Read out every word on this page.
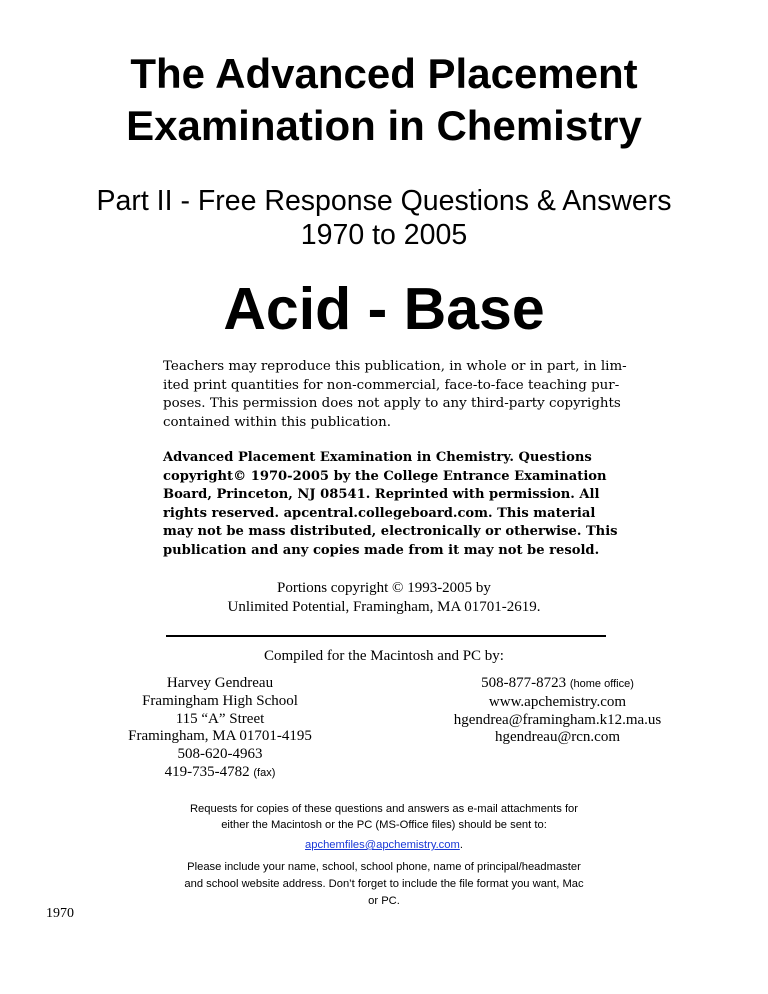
The Advanced Placement
Examination in Chemistry
Part II - Free Response Questions & Answers
1970 to 2005
Acid - Base
Teachers may reproduce this publication, in whole or in part, in lim-
ited print quantities for non-commercial, face-to-face teaching pur-
poses. This permission does not apply to any third-party copyrights
contained within this publication.
Advanced Placement Examination in Chemistry. Questions
copyright© 1970-2005 by the College Entrance Examination
Board, Princeton, NJ 08541. Reprinted with permission. All
rights reserved. apcentral.collegeboard.com. This material
may not be mass distributed, electronically or otherwise. This
publication and any copies made from it may not be resold.
Portions copyright © 1993-2005 by
Unlimited Potential, Framingham, MA 01701-2619.
Compiled for the Macintosh and PC by:
Harvey Gendreau
Framingham High School
115 “A” Street
Framingham, MA 01701-4195
508-620-4963
419-735-4782 (fax)
508-877-8723 (home office)
www.apchemistry.com
hgendrea@framingham.k12.ma.us
hgendreau@rcn.com
Requests for copies of these questions and answers as e-mail attachments for
either the Macintosh or the PC (MS-Office files) should be sent to:
apchemfiles@apchemistry.com.
Please include your name, school, school phone, name of principal/headmaster
and school website address. Don’t forget to include the file format you want, Mac
or PC.
1970
